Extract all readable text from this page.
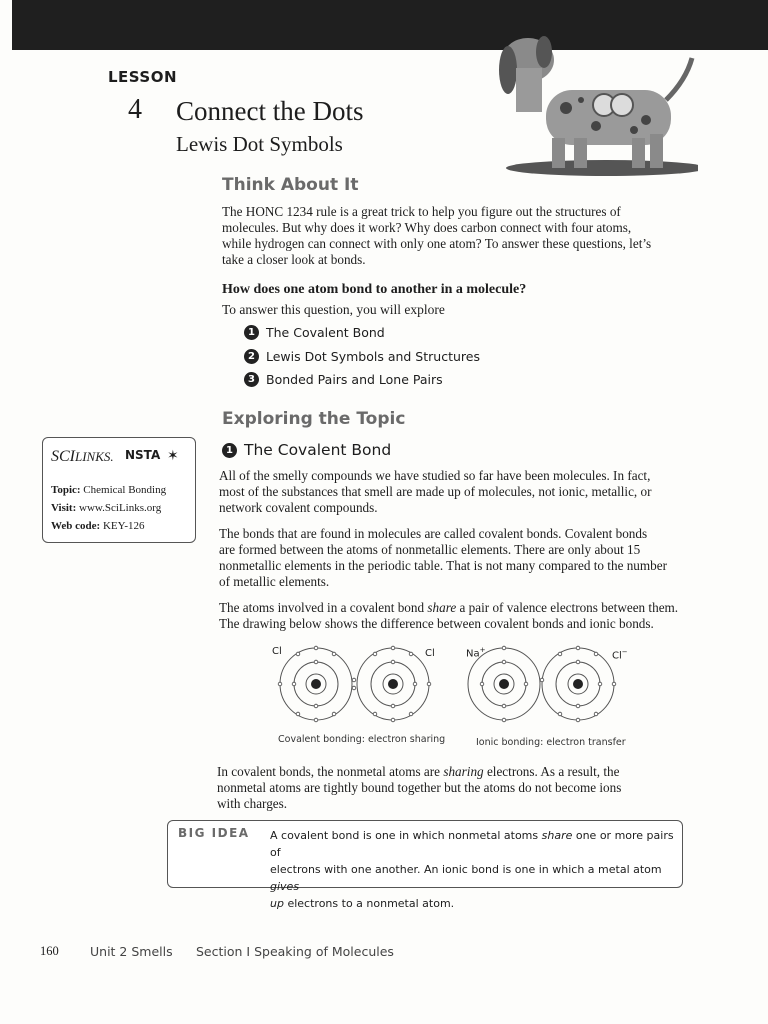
LESSON
4 Connect the Dots
Lewis Dot Symbols
Think About It

The HONC 1234 rule is a great trick to help you figure out the structures of

molecules. But why does it work? Why does carbon connect with four atoms,

while hydrogen can connect with only one atom? To answer these questions, let’s

take a closer look at bonds.

How does one atom bond to another in a molecule?
To answer this question, you will explore
1 The Covalent Bond
2 Lewis Dot Symbols and Structures
3 Bonded Pairs and Lone Pairs
Exploring the Topic
SCILINKS. NSTA ✶
Topic: Chemical Bonding
Visit: www.SciLinks.org
Web code: KEY-126
1 The Covalent Bond

All of the smelly compounds we have studied so far have been molecules. In fact,

most of the substances that smell are made up of molecules, not ionic, metallic, or

network covalent compounds.

The bonds that are found in molecules are called covalent bonds. Covalent bonds

are formed between the atoms of nonmetallic elements. There are only about 15

nonmetallic elements in the periodic table. That is not many compared to the number

of metallic elements.

The atoms involved in a covalent bond share a pair of valence electrons between them.

The drawing below shows the difference between covalent bonds and ionic bonds.

Cl	Cl	Na+
Cl−
Covalent bonding: electron sharing	Ionic bonding: electron transfer

In covalent bonds, the nonmetal atoms are sharing electrons. As a result, the

nonmetal atoms are tightly bound together but the atoms do not become ions

with charges.

BIG IDEA A covalent bond is one in which nonmetal atoms share one or more pairs of
electrons with one another. An ionic bond is one in which a metal atom gives
up electrons to a nonmetal atom.
160	Unit 2 Smells Section I Speaking of Molecules
